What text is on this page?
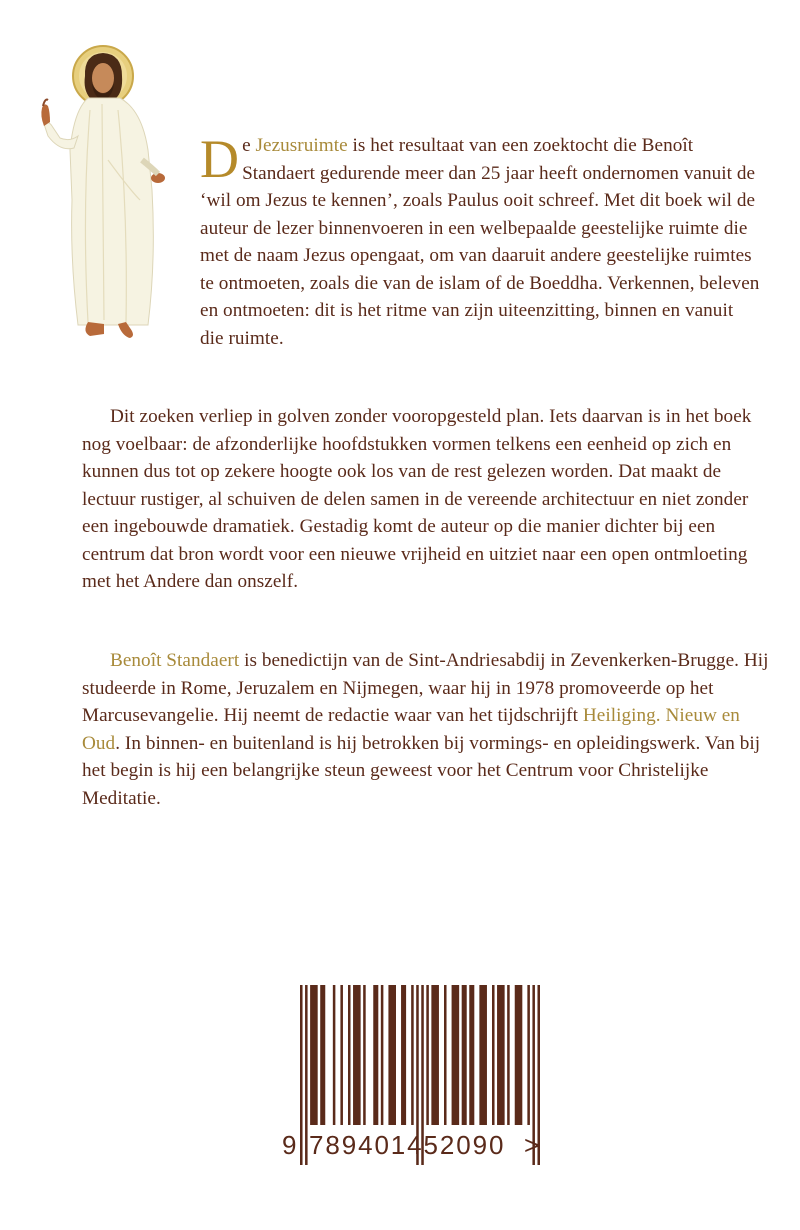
De Jezusruimte is het resultaat van een zoektocht die Benoît Standaert gedurende meer dan 25 jaar heeft ondernomen vanuit de ‘wil om Jezus te kennen’, zoals Paulus ooit schreef. Met dit boek wil de auteur de lezer binnenvoeren in een welbepaalde geestelijke ruimte die met de naam Jezus opengaat, om van daaruit andere geestelijke ruimtes te ontmoeten, zoals die van de islam of de Boeddha. Verkennen, beleven en ontmoeten: dit is het ritme van zijn uiteenzitting, binnen en vanuit die ruimte.

Dit zoeken verliep in golven zonder vooropgesteld plan. Iets daarvan is in het boek nog voelbaar: de afzonderlijke hoofdstukken vormen telkens een eenheid op zich en kunnen dus tot op zekere hoogte ook los van de rest gelezen worden. Dat maakt de lectuur rustiger, al schuiven de delen samen in de vereende architectuur en niet zonder een ingebouwde dramatiek. Gestadig komt de auteur op die manier dichter bij een centrum dat bron wordt voor een nieuwe vrijheid en uitziet naar een open ontmloeting met het Andere dan onszelf.

Benoît Standaert is benedictijn van de Sint-Andriesabdij in Zevenkerken-Brugge. Hij studeerde in Rome, Jeruzalem en Nijmegen, waar hij in 1978 promoveerde op het Marcusevangelie. Hij neemt de redactie waar van het tijdschrijft Heiliging. Nieuw en Oud. In binnen- en buitenland is hij betrokken bij vormings- en opleidingswerk. Van bij het begin is hij een belangrijke steun geweest voor het Centrum voor Christelijke Meditatie.

9 789401452090 >
